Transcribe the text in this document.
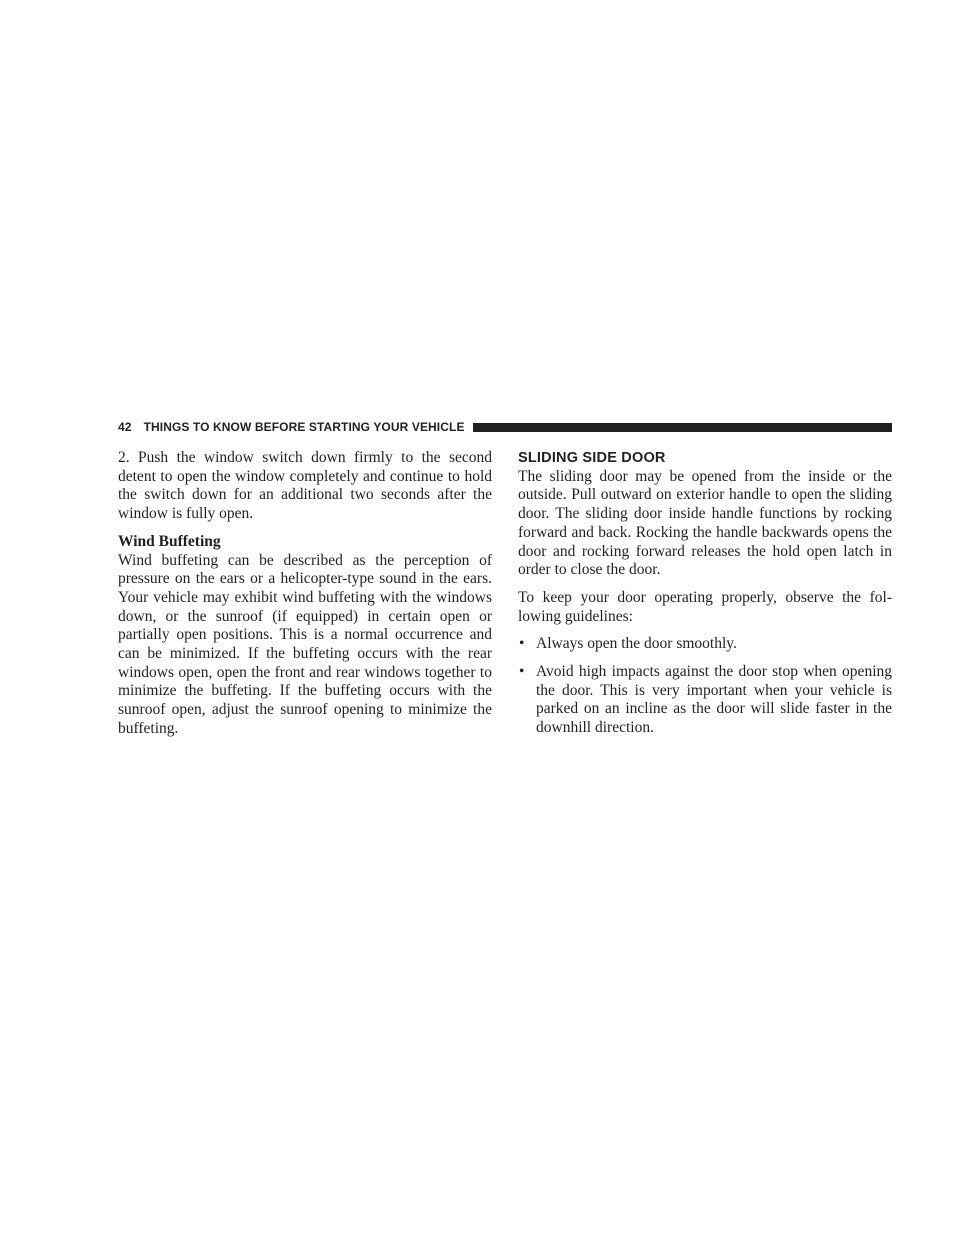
42 THINGS TO KNOW BEFORE STARTING YOUR VEHICLE

2. Push the window switch down firmly to the second detent to open the window completely and continue to hold the switch down for an additional two seconds after the window is fully open.

Wind Buffeting

Wind buffeting can be described as the perception of pressure on the ears or a helicopter-type sound in the ears. Your vehicle may exhibit wind buffeting with the windows down, or the sunroof (if equipped) in certain open or partially open positions. This is a normal occurrence and can be minimized. If the buffeting occurs with the rear windows open, open the front and rear windows together to minimize the buffeting. If the buffeting occurs with the sunroof open, adjust the sunroof opening to minimize the buffeting.

SLIDING SIDE DOOR

The sliding door may be opened from the inside or the outside. Pull outward on exterior handle to open the sliding door. The sliding door inside handle functions by rocking forward and back. Rocking the handle backwards opens the door and rocking forward releases the hold open latch in order to close the door.

To keep your door operating properly, observe the following guidelines:

• Always open the door smoothly.
• Avoid high impacts against the door stop when opening the door. This is very important when your vehicle is parked on an incline as the door will slide faster in the downhill direction.
